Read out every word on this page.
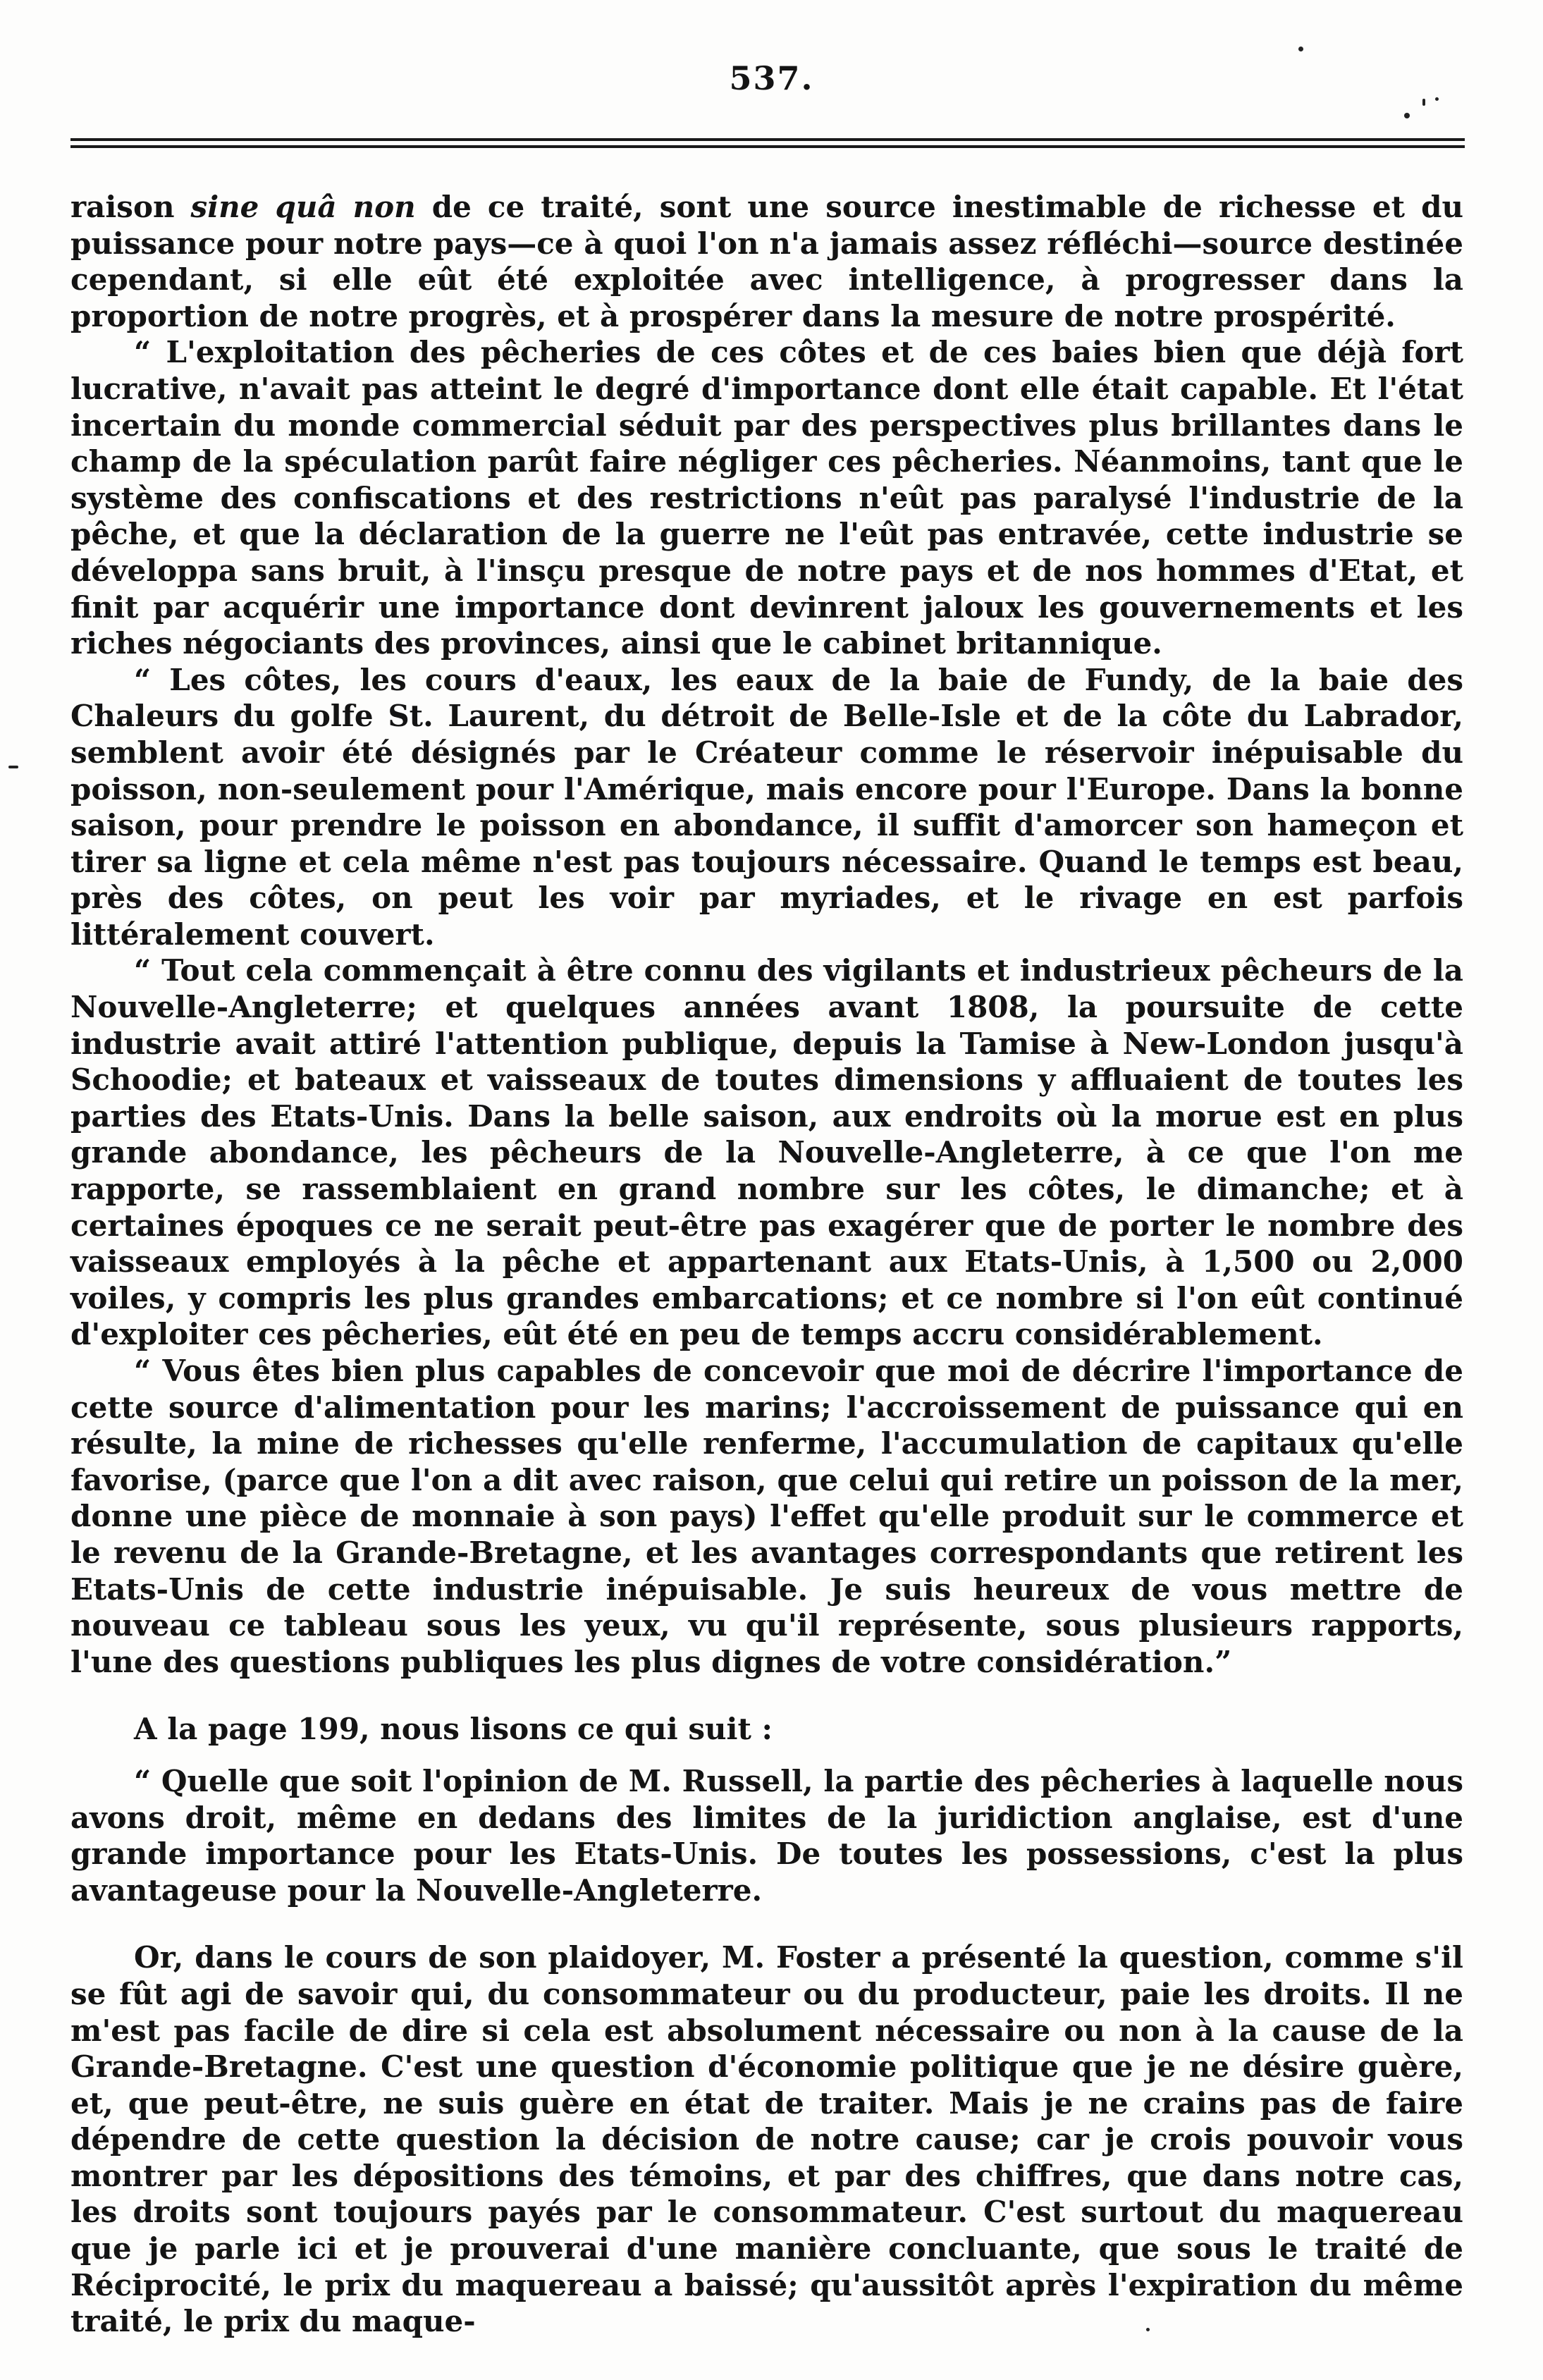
537.

raison sine quâ non de ce traité, sont une source inestimable de richesse et du puissance pour notre pays—ce à quoi l'on n'a jamais assez réfléchi—source destinée cependant, si elle eût été exploitée avec intelligence, à progresser dans la proportion de notre progrès, et à prospérer dans la mesure de notre prospérité.

“ L'exploitation des pêcheries de ces côtes et de ces baies bien que déjà fort lucrative, n'avait pas atteint le degré d'importance dont elle était capable. Et l'état incertain du monde commercial séduit par des perspectives plus brillantes dans le champ de la spéculation parût faire négliger ces pêcheries. Néanmoins, tant que le système des confiscations et des restrictions n'eût pas paralysé l'industrie de la pêche, et que la déclaration de la guerre ne l'eût pas entravée, cette industrie se développa sans bruit, à l'insçu presque de notre pays et de nos hommes d'Etat, et finit par acquérir une importance dont devinrent jaloux les gouvernements et les riches négociants des provinces, ainsi que le cabinet britannique.

“ Les côtes, les cours d'eaux, les eaux de la baie de Fundy, de la baie des Chaleurs du golfe St. Laurent, du détroit de Belle-Isle et de la côte du Labrador, semblent avoir été désignés par le Créateur comme le réservoir inépuisable du poisson, non-seulement pour l'Amérique, mais encore pour l'Europe. Dans la bonne saison, pour prendre le poisson en abondance, il suffit d'amorcer son hameçon et tirer sa ligne et cela même n'est pas toujours nécessaire. Quand le temps est beau, près des côtes, on peut les voir par myriades, et le rivage en est parfois littéralement couvert.

“ Tout cela commençait à être connu des vigilants et industrieux pêcheurs de la Nouvelle-Angleterre; et quelques années avant 1808, la poursuite de cette industrie avait attiré l'attention publique, depuis la Tamise à New-London jusqu'à Schoodie; et bateaux et vaisseaux de toutes dimensions y affluaient de toutes les parties des Etats-Unis. Dans la belle saison, aux endroits où la morue est en plus grande abondance, les pêcheurs de la Nouvelle-Angleterre, à ce que l'on me rapporte, se rassemblaient en grand nombre sur les côtes, le dimanche; et à certaines époques ce ne serait peut-être pas exagérer que de porter le nombre des vaisseaux employés à la pêche et appartenant aux Etats-Unis, à 1,500 ou 2,000 voiles, y compris les plus grandes embarcations; et ce nombre si l'on eût continué d'exploiter ces pêcheries, eût été en peu de temps accru considérablement.

“ Vous êtes bien plus capables de concevoir que moi de décrire l'importance de cette source d'alimentation pour les marins; l'accroissement de puissance qui en résulte, la mine de richesses qu'elle renferme, l'accumulation de capitaux qu'elle favorise, (parce que l'on a dit avec raison, que celui qui retire un poisson de la mer, donne une pièce de monnaie à son pays) l'effet qu'elle produit sur le commerce et le revenu de la Grande-Bretagne, et les avantages correspondants que retirent les Etats-Unis de cette industrie inépuisable. Je suis heureux de vous mettre de nouveau ce tableau sous les yeux, vu qu'il représente, sous plusieurs rapports, l'une des questions publiques les plus dignes de votre considération.”

A la page 199, nous lisons ce qui suit :

“ Quelle que soit l'opinion de M. Russell, la partie des pêcheries à laquelle nous avons droit, même en dedans des limites de la juridiction anglaise, est d'une grande importance pour les Etats-Unis. De toutes les possessions, c'est la plus avantageuse pour la Nouvelle-Angleterre.

Or, dans le cours de son plaidoyer, M. Foster a présenté la question, comme s'il se fût agi de savoir qui, du consommateur ou du producteur, paie les droits. Il ne m'est pas facile de dire si cela est absolument nécessaire ou non à la cause de la Grande-Bretagne. C'est une question d'économie politique que je ne désire guère, et, que peut-être, ne suis guère en état de traiter. Mais je ne crains pas de faire dépendre de cette question la décision de notre cause; car je crois pouvoir vous montrer par les dépositions des témoins, et par des chiffres, que dans notre cas, les droits sont toujours payés par le consommateur. C'est surtout du maquereau que je parle ici et je prouverai d'une manière concluante, que sous le traité de Réciprocité, le prix du maquereau a baissé; qu'aussitôt après l'expiration du même traité, le prix du maque-
